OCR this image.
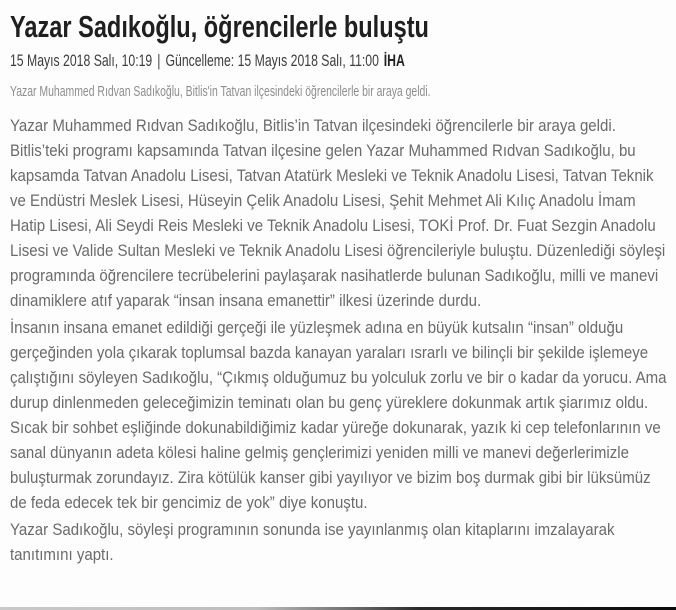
Yazar Sadıkoğlu, öğrencilerle buluştu
15 Mayıs 2018 Salı, 10:19 | Güncelleme: 15 Mayıs 2018 Salı, 11:00 İHA

Yazar Muhammed Rıdvan Sadıkoğlu, Bitlis'in Tatvan ilçesindeki öğrencilerle bir araya geldi.

Yazar Muhammed Rıdvan Sadıkoğlu, Bitlis’in Tatvan ilçesindeki öğrencilerle bir araya geldi. Bitlis’teki programı kapsamında Tatvan ilçesine gelen Yazar Muhammed Rıdvan Sadıkoğlu, bu kapsamda Tatvan Anadolu Lisesi, Tatvan Atatürk Mesleki ve Teknik Anadolu Lisesi, Tatvan Teknik ve Endüstri Meslek Lisesi, Hüseyin Çelik Anadolu Lisesi, Şehit Mehmet Ali Kılıç Anadolu İmam Hatip Lisesi, Ali Seydi Reis Mesleki ve Teknik Anadolu Lisesi, TOKİ Prof. Dr. Fuat Sezgin Anadolu Lisesi ve Valide Sultan Mesleki ve Teknik Anadolu Lisesi öğrencileriyle buluştu. Düzenlediği söyleşi programında öğrencilere tecrübelerini paylaşarak nasihatlerde bulunan Sadıkoğlu, milli ve manevi dinamiklere atıf yaparak “insan insana emanettir” ilkesi üzerinde durdu.

İnsanın insana emanet edildiği gerçeği ile yüzleşmek adına en büyük kutsalın “insan” olduğu gerçeğinden yola çıkarak toplumsal bazda kanayan yaraları ısrarlı ve bilinçli bir şekilde işlemeye çalıştığını söyleyen Sadıkoğlu, “Çıkmış olduğumuz bu yolculuk zorlu ve bir o kadar da yorucu. Ama durup dinlenmeden geleceğimizin teminatı olan bu genç yüreklere dokunmak artık şiarımız oldu. Sıcak bir sohbet eşliğinde dokunabildiğimiz kadar yüreğe dokunarak, yazık ki cep telefonlarının ve sanal dünyanın adeta kölesi haline gelmiş gençlerimizi yeniden milli ve manevi değerlerimizle buluşturmak zorundayız. Zira kötülük kanser gibi yayılıyor ve bizim boş durmak gibi bir lüksümüz de feda edecek tek bir gencimiz de yok” diye konuştu.

Yazar Sadıkoğlu, söyleşi programının sonunda ise yayınlanmış olan kitaplarını imzalayarak tanıtımını yaptı.
